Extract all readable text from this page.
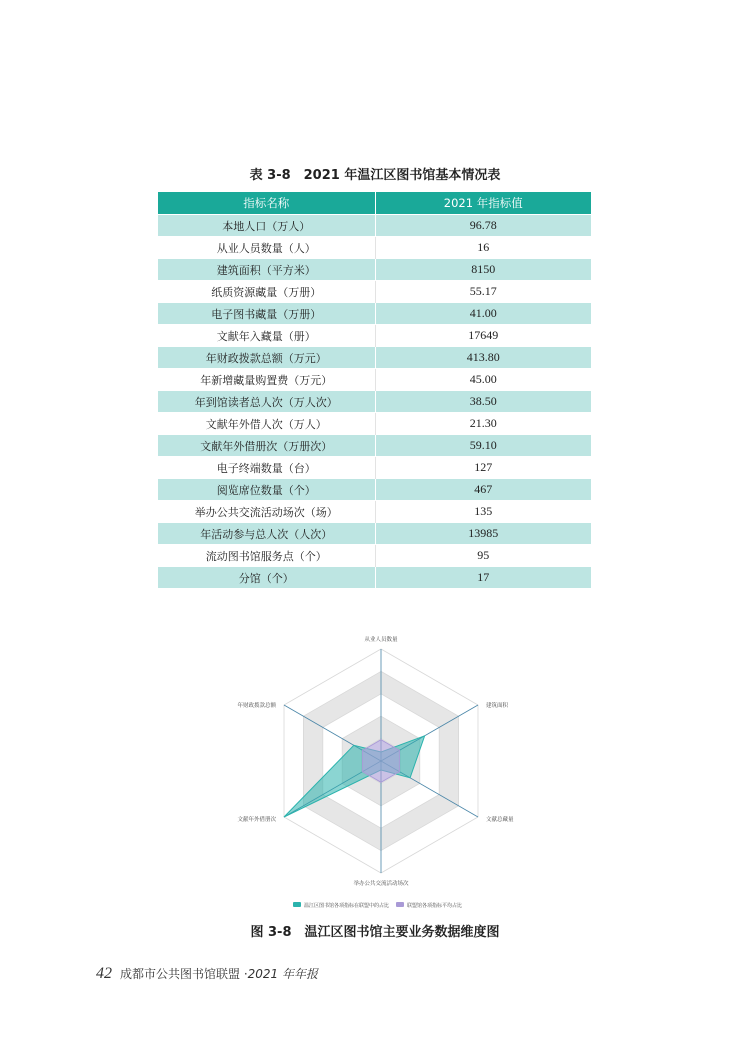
表 3-8　2021 年温江区图书馆基本情况表
指标名称	2021 年指标值
本地人口（万人）	96.78
从业人员数量（人）	16
建筑面积（平方米）	8150
纸质资源藏量（万册）	55.17
电子图书藏量（万册）	41.00
文献年入藏量（册）	17649
年财政拨款总额（万元）	413.80
年新增藏量购置费（万元）	45.00
年到馆读者总人次（万人次）	38.50
文献年外借人次（万人）	21.30
文献年外借册次（万册次）	59.10
电子终端数量（台）	127
阅览席位数量（个）	467
举办公共交流活动场次（场）	135
年活动参与总人次（人次）	13985
流动图书馆服务点（个）	95
分馆（个）	17
从业人员数量
建筑面积
文献总藏量
举办公共交流活动场次
文献年外借册次
年财政拨款总额
温江区图书馆各项指标在联盟中的占比	联盟馆各项指标平均占比
图 3-8　温江区图书馆主要业务数据维度图
42 成都市公共图书馆联盟 · 2021 年年报
